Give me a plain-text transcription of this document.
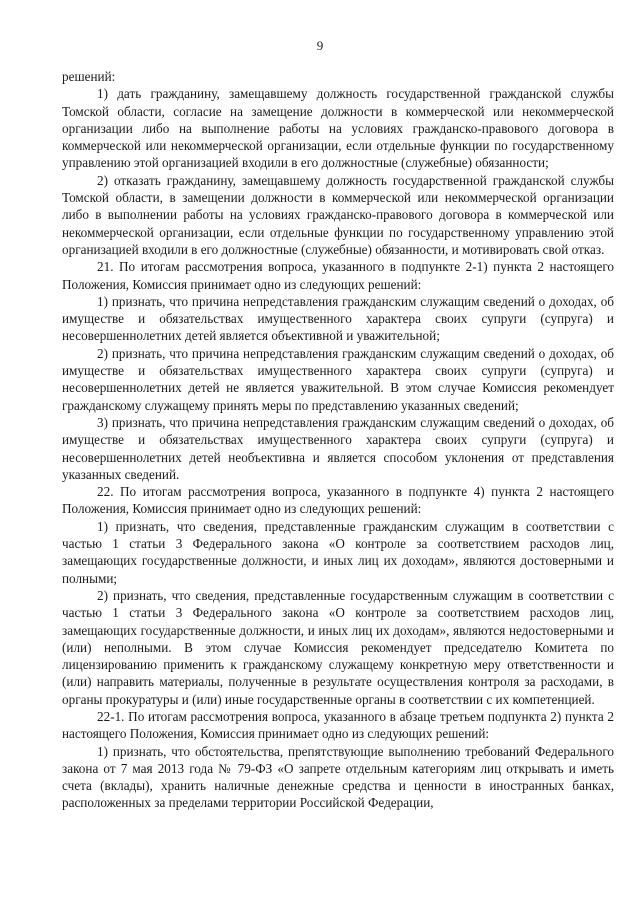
9

решений:

1) дать гражданину, замещавшему должность государственной гражданской службы Томской области, согласие на замещение должности в коммерческой или некоммерческой организации либо на выполнение работы на условиях гражданско-правового договора в коммерческой или некоммерческой организации, если отдельные функции по государственному управлению этой организацией входили в его должностные (служебные) обязанности;

2) отказать гражданину, замещавшему должность государственной гражданской службы Томской области, в замещении должности в коммерческой или некоммерческой организации либо в выполнении работы на условиях гражданско-правового договора в коммерческой или некоммерческой организации, если отдельные функции по государственному управлению этой организацией входили в его должностные (служебные) обязанности, и мотивировать свой отказ.

21. По итогам рассмотрения вопроса, указанного в подпункте 2-1) пункта 2 настоящего Положения, Комиссия принимает одно из следующих решений:

1) признать, что причина непредставления гражданским служащим сведений о доходах, об имуществе и обязательствах имущественного характера своих супруги (супруга) и несовершеннолетних детей является объективной и уважительной;

2) признать, что причина непредставления гражданским служащим сведений о доходах, об имуществе и обязательствах имущественного характера своих супруги (супруга) и несовершеннолетних детей не является уважительной. В этом случае Комиссия рекомендует гражданскому служащему принять меры по представлению указанных сведений;

3) признать, что причина непредставления гражданским служащим сведений о доходах, об имуществе и обязательствах имущественного характера своих супруги (супруга) и несовершеннолетних детей необъективна и является способом уклонения от представления указанных сведений.

22. По итогам рассмотрения вопроса, указанного в подпункте 4) пункта 2 настоящего Положения, Комиссия принимает одно из следующих решений:

1) признать, что сведения, представленные гражданским служащим в соответствии с частью 1 статьи 3 Федерального закона «О контроле за соответствием расходов лиц, замещающих государственные должности, и иных лиц их доходам», являются достоверными и полными;

2) признать, что сведения, представленные государственным служащим в соответствии с частью 1 статьи 3 Федерального закона «О контроле за соответствием расходов лиц, замещающих государственные должности, и иных лиц их доходам», являются недостоверными и (или) неполными. В этом случае Комиссия рекомендует председателю Комитета по лицензированию применить к гражданскому служащему конкретную меру ответственности и (или) направить материалы, полученные в результате осуществления контроля за расходами, в органы прокуратуры и (или) иные государственные органы в соответствии с их компетенцией.

22-1. По итогам рассмотрения вопроса, указанного в абзаце третьем подпункта 2) пункта 2 настоящего Положения, Комиссия принимает одно из следующих решений:

1) признать, что обстоятельства, препятствующие выполнению требований Федерального закона от 7 мая 2013 года № 79-ФЗ «О запрете отдельным категориям лиц открывать и иметь счета (вклады), хранить наличные денежные средства и ценности в иностранных банках, расположенных за пределами территории Российской Федерации,
